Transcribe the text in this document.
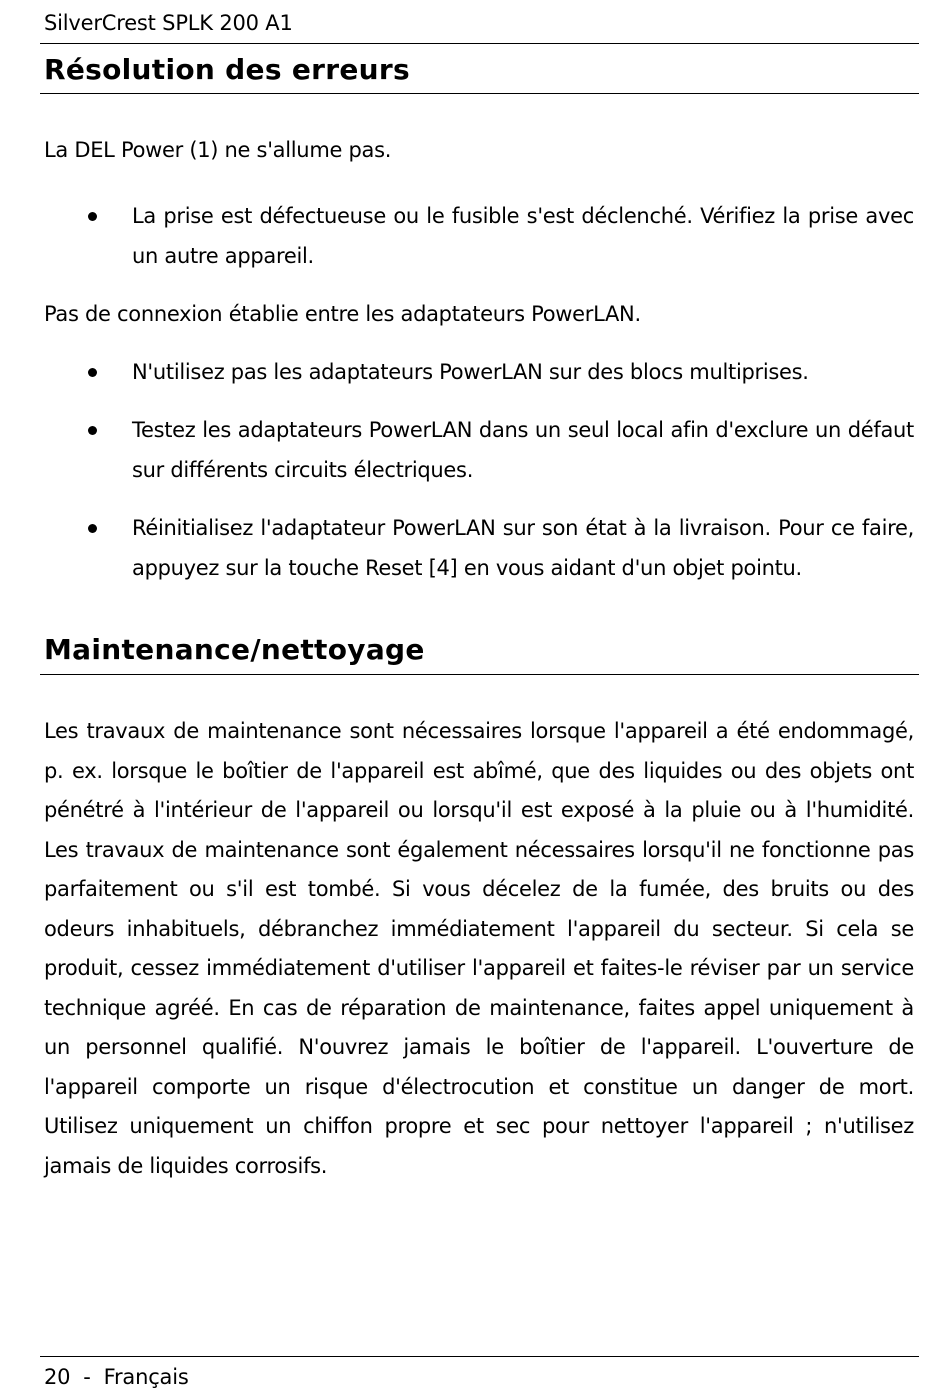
SilverCrest SPLK 200 A1
Résolution des erreurs
La DEL Power (1) ne s'allume pas.
La prise est défectueuse ou le fusible s'est déclenché. Vérifiez la prise avec un autre appareil.
Pas de connexion établie entre les adaptateurs PowerLAN.
N'utilisez pas les adaptateurs PowerLAN sur des blocs multiprises.
Testez les adaptateurs PowerLAN dans un seul local afin d'exclure un défaut sur différents circuits électriques.
Réinitialisez l'adaptateur PowerLAN sur son état à la livraison. Pour ce faire, appuyez sur la touche Reset [4] en vous aidant d'un objet pointu.
Maintenance/nettoyage
Les travaux de maintenance sont nécessaires lorsque l'appareil a été endommagé, p. ex. lorsque le boîtier de l'appareil est abîmé, que des liquides ou des objets ont pénétré à l'intérieur de l'appareil ou lorsqu'il est exposé à la pluie ou à l'humidité. Les travaux de maintenance sont également nécessaires lorsqu'il ne fonctionne pas parfaitement ou s'il est tombé. Si vous décelez de la fumée, des bruits ou des odeurs inhabituels, débranchez immédiatement l'appareil du secteur. Si cela se produit, cessez immédiatement d'utiliser l'appareil et faites-le réviser par un service technique agréé. En cas de réparation de maintenance, faites appel uniquement à un personnel qualifié. N'ouvrez jamais le boîtier de l'appareil. L'ouverture de l'appareil comporte un risque d'électrocution et constitue un danger de mort. Utilisez uniquement un chiffon propre et sec pour nettoyer l'appareil ; n'utilisez jamais de liquides corrosifs.
20 - Français
